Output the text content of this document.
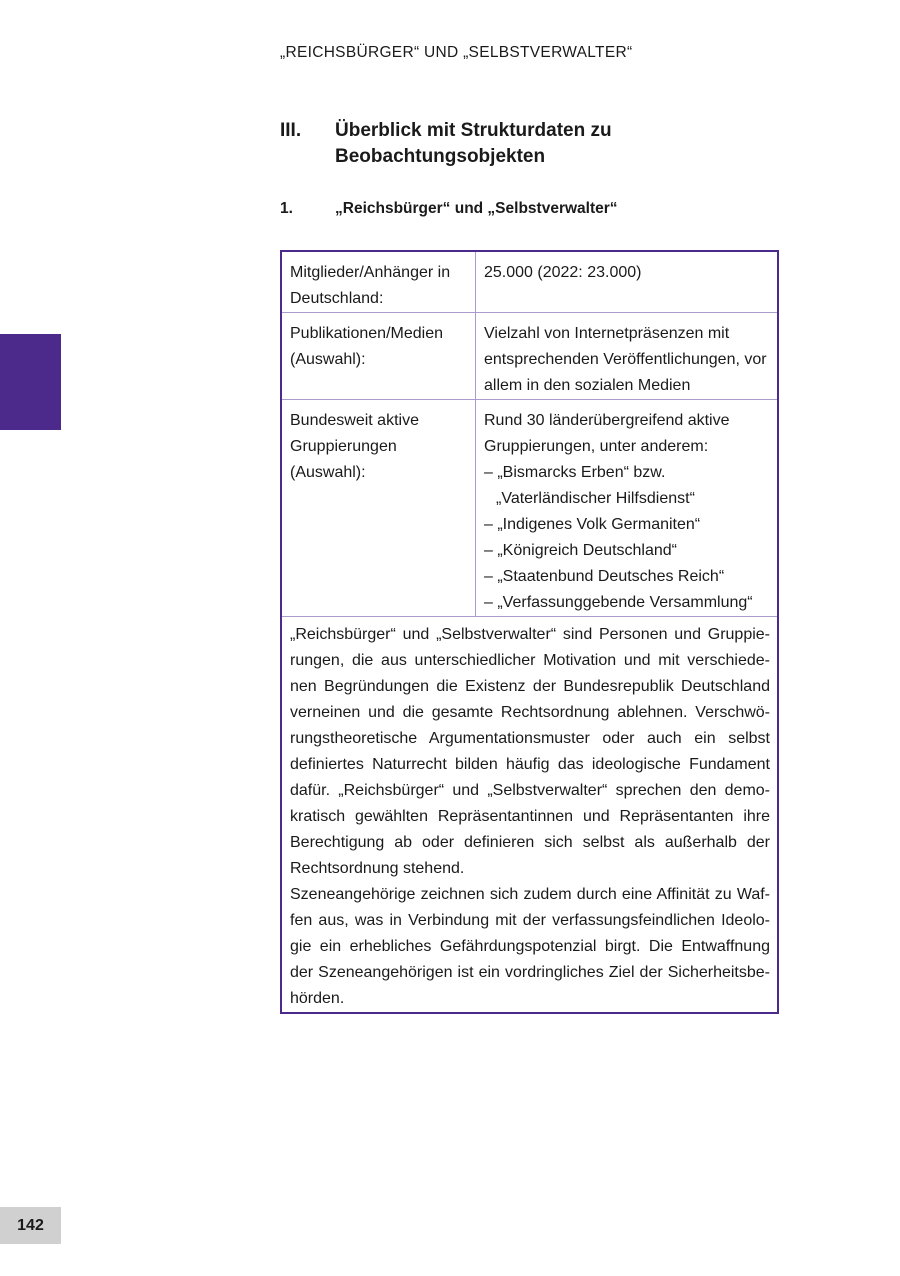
„REICHSBÜRGER“ UND „SELBSTVERWALTER“
III. Überblick mit Strukturdaten zu Beobachtungsobjekten
1.	„Reichsbürger“ und „Selbstverwalter“
Mitglieder/Anhänger in Deutschland:
25.000 (2022: 23.000)
Publikationen/Medien (Auswahl):
Vielzahl von Internetpräsenzen mit entsprechenden Veröffentlichungen, vor allem in den sozialen Medien
Bundesweit aktive Gruppierungen (Auswahl):
Rund 30 länderübergreifend aktive Gruppierungen, unter anderem:
– „Bismarcks Erben“ bzw. „Vaterländischer Hilfsdienst“
– „Indigenes Volk Germaniten“
– „Königreich Deutschland“
– „Staatenbund Deutsches Reich“
– „Verfassunggebende Versammlung“
„Reichsbürger“ und „Selbstverwalter“ sind Personen und Gruppie-
rungen, die aus unterschiedlicher Motivation und mit verschiede-
nen Begründungen die Existenz der Bundesrepublik Deutschland
verneinen und die gesamte Rechtsordnung ablehnen. Verschwö-
rungstheoretische Argumentationsmuster oder auch ein selbst
definiertes Naturrecht bilden häufig das ideologische Fundament
dafür. „Reichsbürger“ und „Selbstverwalter“ sprechen den demo-
kratisch gewählten Repräsentantinnen und Repräsentanten ihre
Berechtigung ab oder definieren sich selbst als außerhalb der
Rechtsordnung stehend.
Szeneangehörige zeichnen sich zudem durch eine Affinität zu Waf-
fen aus, was in Verbindung mit der verfassungsfeindlichen Ideolo-
gie ein erhebliches Gefährdungspotenzial birgt. Die Entwaffnung
der Szeneangehörigen ist ein vordringliches Ziel der Sicherheitsbe-
hörden.
142
